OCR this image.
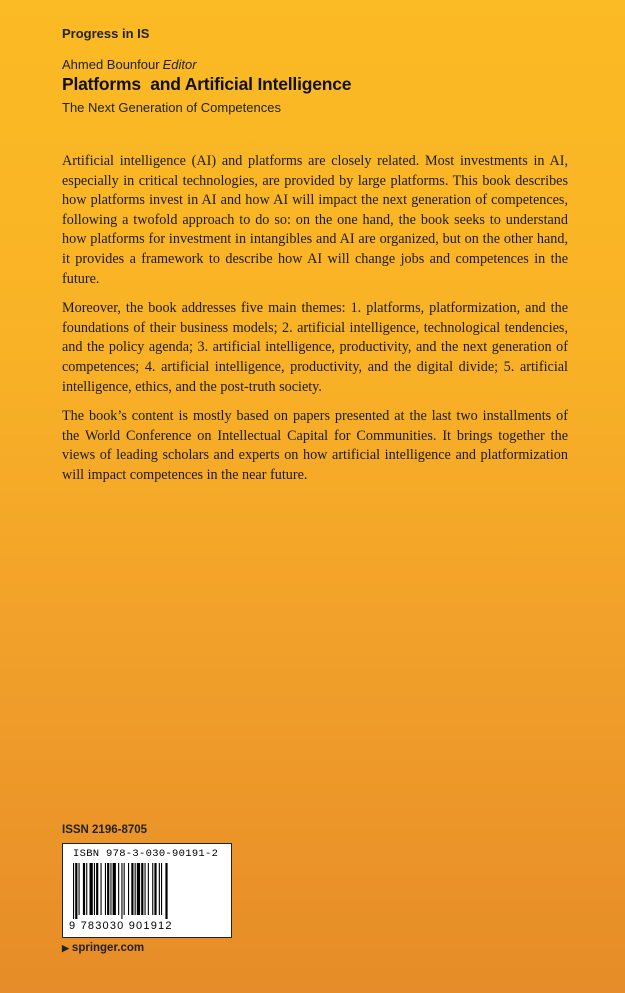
Progress in IS
Ahmed Bounfour Editor
Platforms  and Artificial Intelligence
The Next Generation of Competences

Artificial intelligence (AI) and platforms are closely related. Most investments in AI, especially in critical technologies, are provided by large platforms. This book describes how platforms invest in AI and how AI will impact the next generation of competences, following a twofold approach to do so: on the one hand, the book seeks to understand how platforms for investment in intangibles and AI are organized, but on the other hand, it provides a framework to describe how AI will change jobs and competences in the future.

Moreover, the book addresses five main themes: 1. platforms, platformization, and the foundations of their business models; 2. artificial intelligence, technological tendencies, and the policy agenda; 3. artificial intelligence, productivity, and the next generation of competences; 4. artificial intelligence, productivity, and the digital divide; 5. artificial intelligence, ethics, and the post-truth society.

The book’s content is mostly based on papers presented at the last two installments of the World Conference on Intellectual Capital for Communities. It brings together the views of leading scholars and experts on how artificial intelligence and platformization will impact competences in the near future.

ISSN 2196-8705
ISBN 978-3-030-90191-2
9 783030 901912
▶ springer.com
